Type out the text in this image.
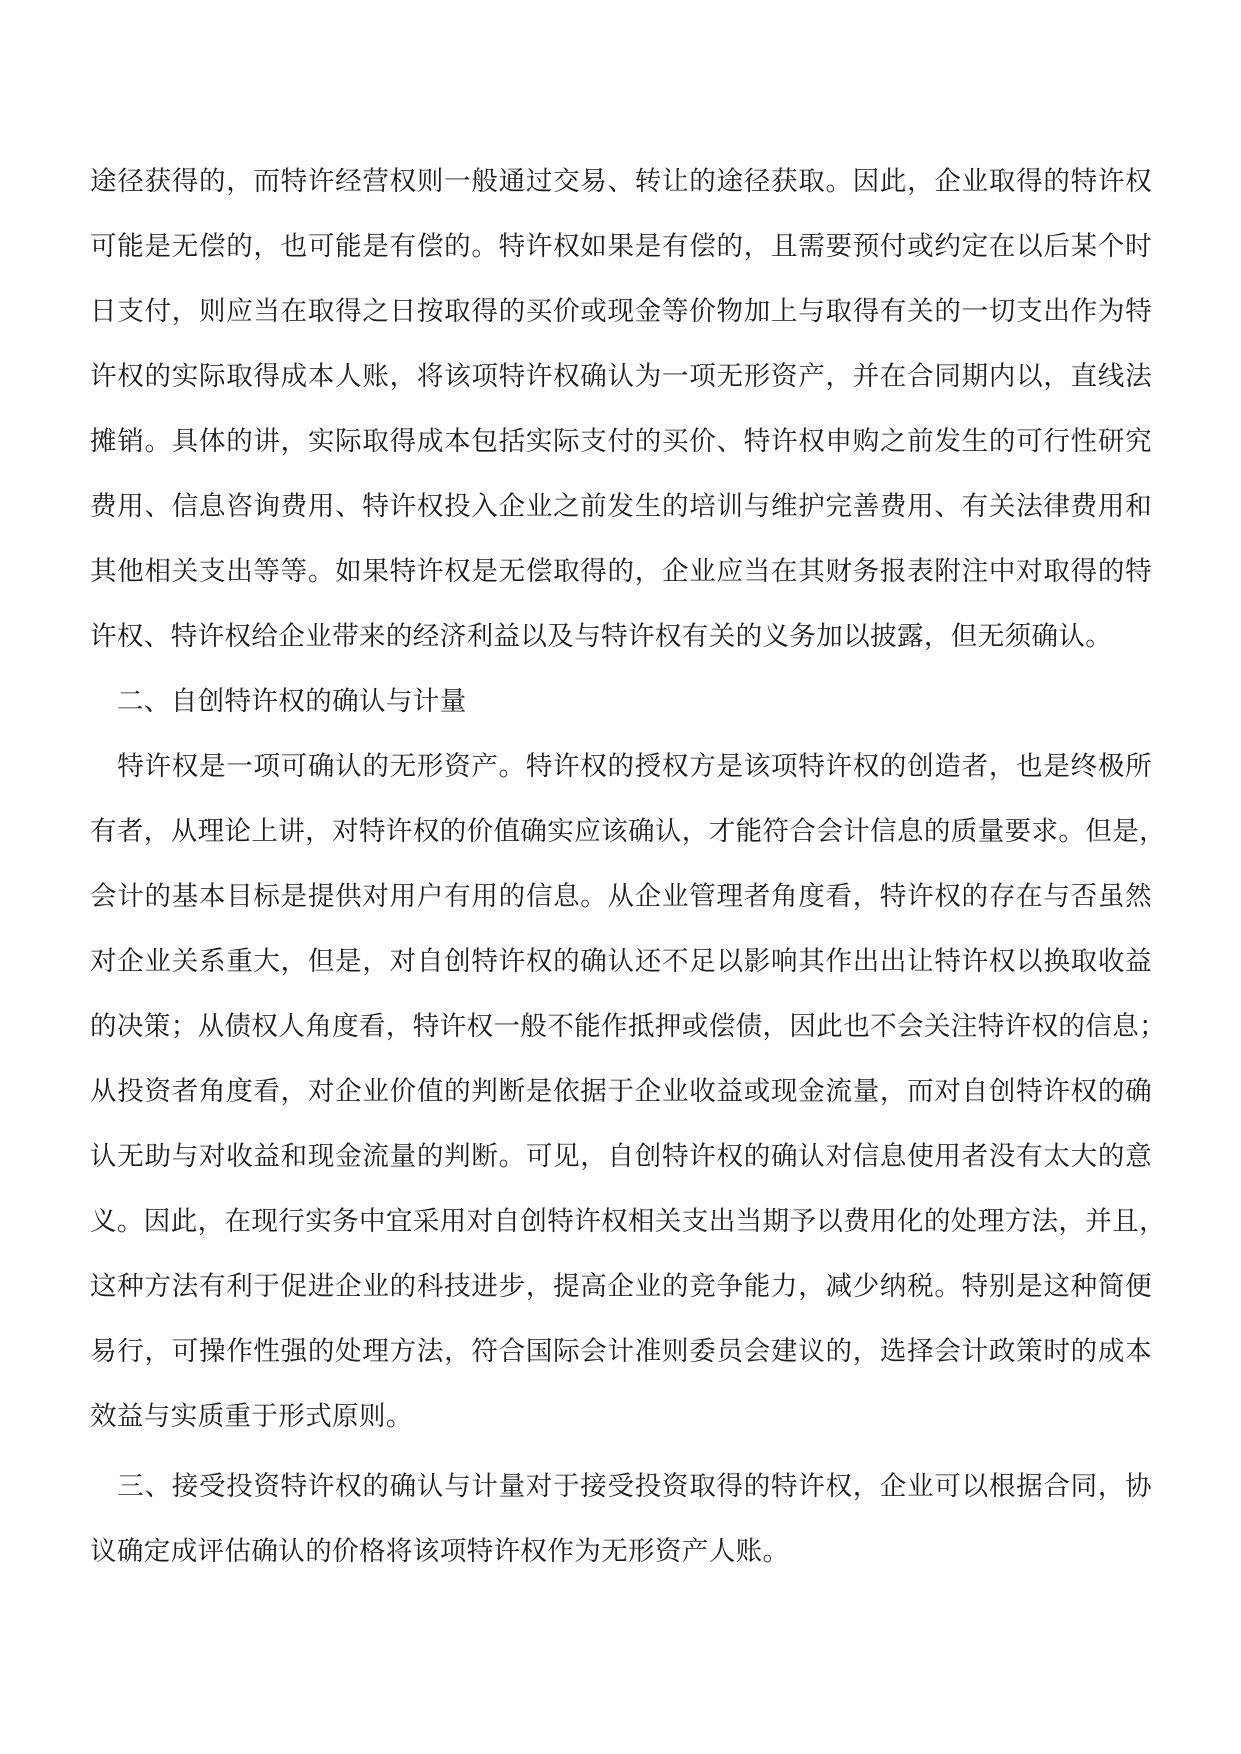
途径获得的，而特许经营权则一般通过交易、转让的途径获取。因此，企业取得的特许权
可能是无偿的，也可能是有偿的。特许权如果是有偿的，且需要预付或约定在以后某个时
日支付，则应当在取得之日按取得的买价或现金等价物加上与取得有关的一切支出作为特
许权的实际取得成本人账，将该项特许权确认为一项无形资产，并在合同期内以，直线法
摊销。具体的讲，实际取得成本包括实际支付的买价、特许权申购之前发生的可行性研究
费用、信息咨询费用、特许权投入企业之前发生的培训与维护完善费用、有关法律费用和
其他相关支出等等。如果特许权是无偿取得的，企业应当在其财务报表附注中对取得的特
许权、特许权给企业带来的经济利益以及与特许权有关的义务加以披露，但无须确认。
　二、自创特许权的确认与计量
　特许权是一项可确认的无形资产。特许权的授权方是该项特许权的创造者，也是终极所
有者，从理论上讲，对特许权的价值确实应该确认，才能符合会计信息的质量要求。但是，
会计的基本目标是提供对用户有用的信息。从企业管理者角度看，特许权的存在与否虽然
对企业关系重大，但是，对自创特许权的确认还不足以影响其作出出让特许权以换取收益
的决策；从债权人角度看，特许权一般不能作抵押或偿债，因此也不会关注特许权的信息；
从投资者角度看，对企业价值的判断是依据于企业收益或现金流量，而对自创特许权的确
认无助与对收益和现金流量的判断。可见，自创特许权的确认对信息使用者没有太大的意
义。因此，在现行实务中宜采用对自创特许权相关支出当期予以费用化的处理方法，并且，
这种方法有利于促进企业的科技进步，提高企业的竞争能力，减少纳税。特别是这种简便
易行，可操作性强的处理方法，符合国际会计准则委员会建议的，选择会计政策时的成本
效益与实质重于形式原则。
　三、接受投资特许权的确认与计量对于接受投资取得的特许权，企业可以根据合同，协
议确定成评估确认的价格将该项特许权作为无形资产人账。
